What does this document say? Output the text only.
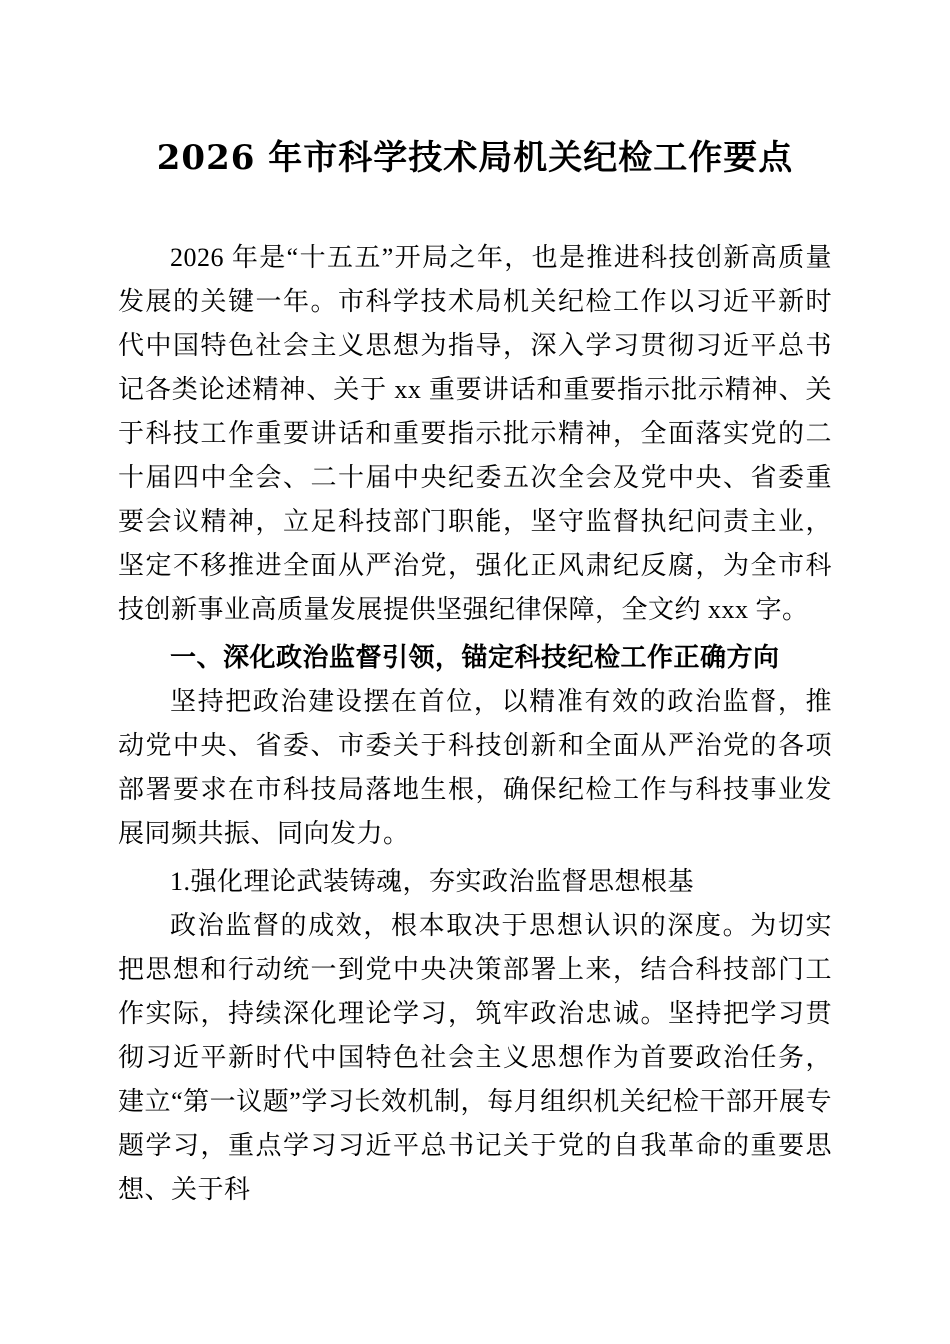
2026 年市科学技术局机关纪检工作要点

2026 年是“十五五”开局之年，也是推进科技创新高质量发展的关键一年。市科学技术局机关纪检工作以习近平新时代中国特色社会主义思想为指导，深入学习贯彻习近平总书记各类论述精神、关于 xx 重要讲话和重要指示批示精神、关于科技工作重要讲话和重要指示批示精神，全面落实党的二十届四中全会、二十届中央纪委五次全会及党中央、省委重要会议精神，立足科技部门职能，坚守监督执纪问责主业，坚定不移推进全面从严治党，强化正风肃纪反腐，为全市科技创新事业高质量发展提供坚强纪律保障，全文约 xxx 字。

一、深化政治监督引领，锚定科技纪检工作正确方向

坚持把政治建设摆在首位，以精准有效的政治监督，推动党中央、省委、市委关于科技创新和全面从严治党的各项部署要求在市科技局落地生根，确保纪检工作与科技事业发展同频共振、同向发力。

1.强化理论武装铸魂，夯实政治监督思想根基

政治监督的成效，根本取决于思想认识的深度。为切实把思想和行动统一到党中央决策部署上来，结合科技部门工作实际，持续深化理论学习，筑牢政治忠诚。坚持把学习贯彻习近平新时代中国特色社会主义思想作为首要政治任务，建立“第一议题”学习长效机制，每月组织机关纪检干部开展专题学习，重点学习习近平总书记关于党的自我革命的重要思想、关于科
